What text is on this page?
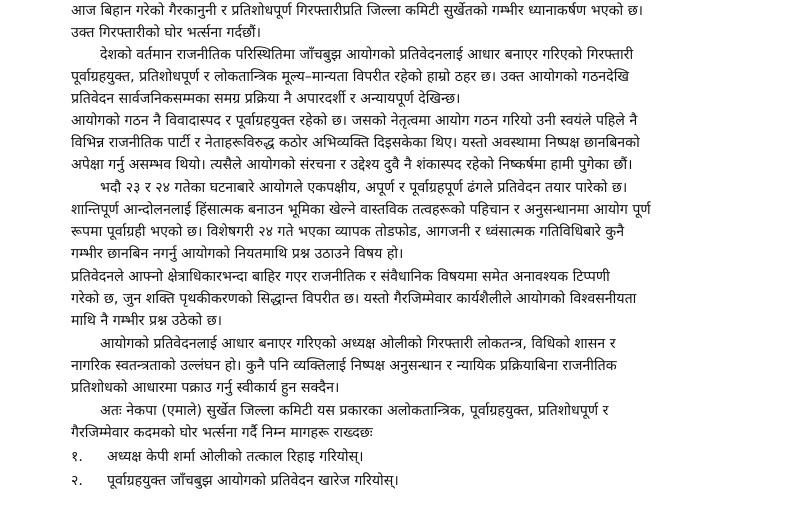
आज बिहान गरेको गैरकानुनी र प्रतिशोधपूर्ण गिरफ्तारीप्रति जिल्ला कमिटी सुर्खेतको गम्भीर ध्यानाकर्षण भएको छ।
उक्त गिरफ्तारीको घोर भर्त्सना गर्दछौं।
देशको वर्तमान राजनीतिक परिस्थितिमा जाँचबुझ आयोगको प्रतिवेदनलाई आधार बनाएर गरिएको गिरफ्तारी
पूर्वाग्रहयुक्त, प्रतिशोधपूर्ण र लोकतान्त्रिक मूल्य–मान्यता विपरीत रहेको हाम्रो ठहर छ। उक्त आयोगको गठनदेखि
प्रतिवेदन सार्वजनिकसम्मका समग्र प्रक्रिया नै अपारदर्शी र अन्यायपूर्ण देखिन्छ।
आयोगको गठन नै विवादास्पद र पूर्वाग्रहयुक्त रहेको छ। जसको नेतृत्वमा आयोग गठन गरियो उनी स्वयंले पहिले नै
विभिन्न राजनीतिक पार्टी र नेताहरूविरुद्ध कठोर अभिव्यक्ति दिइसकेका थिए। यस्तो अवस्थामा निष्पक्ष छानबिनको
अपेक्षा गर्नु असम्भव थियो। त्यसैले आयोगको संरचना र उद्देश्य दुवै नै शंकास्पद रहेको निष्कर्षमा हामी पुगेका छौं।
भदौ २३ र २४ गतेका घटनाबारे आयोगले एकपक्षीय, अपूर्ण र पूर्वाग्रहपूर्ण ढंगले प्रतिवेदन तयार पारेको छ।
शान्तिपूर्ण आन्दोलनलाई हिंसात्मक बनाउन भूमिका खेल्ने वास्तविक तत्वहरूको पहिचान र अनुसन्धानमा आयोग पूर्ण
रूपमा पूर्वाग्रही भएको छ। विशेषगरी २४ गते भएका व्यापक तोडफोड, आगजनी र ध्वंसात्मक गतिविधिबारे कुनै
गम्भीर छानबिन नगर्नु आयोगको नियतमाथि प्रश्न उठाउने विषय हो।
प्रतिवेदनले आफ्नो क्षेत्राधिकारभन्दा बाहिर गएर राजनीतिक र संवैधानिक विषयमा समेत अनावश्यक टिप्पणी
गरेको छ, जुन शक्ति पृथकीकरणको सिद्धान्त विपरीत छ। यस्तो गैरजिम्मेवार कार्यशैलीले आयोगको विश्वसनीयता
माथि नै गम्भीर प्रश्न उठेको छ।
आयोगको प्रतिवेदनलाई आधार बनाएर गरिएको अध्यक्ष ओलीको गिरफ्तारी लोकतन्त्र, विधिको शासन र
नागरिक स्वतन्त्रताको उल्लंघन हो। कुनै पनि व्यक्तिलाई निष्पक्ष अनुसन्धान र न्यायिक प्रक्रियाबिना राजनीतिक
प्रतिशोधको आधारमा पक्राउ गर्नु स्वीकार्य हुन सक्दैन।
अतः नेकपा (एमाले) सुर्खेत जिल्ला कमिटी यस प्रकारका अलोकतान्त्रिक, पूर्वाग्रहयुक्त, प्रतिशोधपूर्ण र
गैरजिम्मेवार कदमको घोर भर्त्सना गर्दै निम्न मागहरू राख्दछः
१. अध्यक्ष केपी शर्मा ओलीको तत्काल रिहाइ गरियोस्।
२. पूर्वाग्रहयुक्त जाँचबुझ आयोगको प्रतिवेदन खारेज गरियोस्।
